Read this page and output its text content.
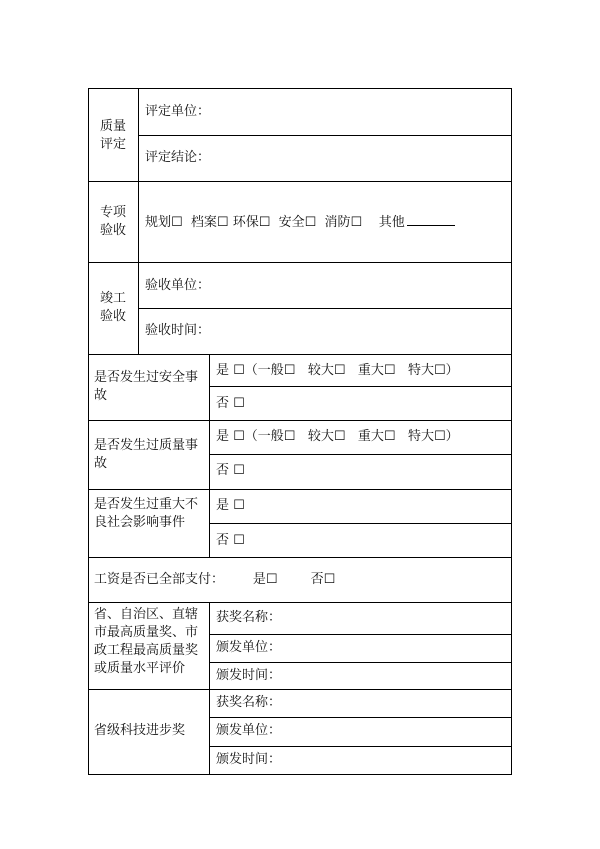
质量
评定
评定单位：
评定结论：
专项
验收
规划☐  档案☐ 环保☐  安全☐  消防☐    其他
竣工
验收
验收单位：
验收时间：
是否发生过安全事故
是 ☐（一般☐   较大☐   重大☐   特大☐）
否 ☐
是否发生过质量事故
是 ☐（一般☐   较大☐   重大☐   特大☐）
否 ☐
是否发生过重大不良社会影响事件
是 ☐
否 ☐
工资是否已全部支付：       是☐        否☐
省、自治区、直辖市最高质量奖、市政工程最高质量奖或质量水平评价
获奖名称：
颁发单位：
颁发时间：
省级科技进步奖
获奖名称：
颁发单位：
颁发时间：
